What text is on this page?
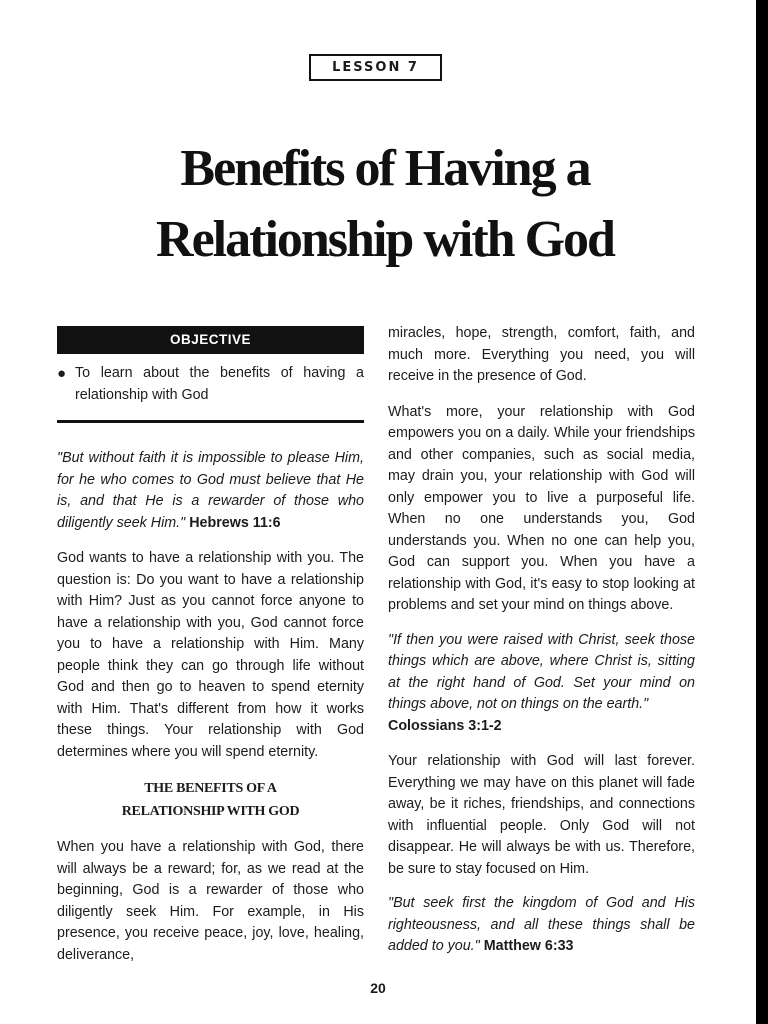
LESSON 7
Benefits of Having a
Relationship with God
OBJECTIVE
● To learn about the benefits of having a relationship with God

"But without faith it is impossible to please Him, for he who comes to God must believe that He is, and that He is a rewarder of those who diligently seek Him." Hebrews 11:6

God wants to have a relationship with you. The question is: Do you want to have a relationship with Him? Just as you cannot force anyone to have a relationship with you, God cannot force you to have a relationship with Him. Many people think they can go through life without God and then go to heaven to spend eternity with Him. That's different from how it works these things. Your relationship with God determines where you will spend eternity.

THE BENEFITS OF A
RELATIONSHIP WITH GOD

When you have a relationship with God, there will always be a reward; for, as we read at the beginning, God is a rewarder of those who diligently seek Him. For example, in His presence, you receive peace, joy, love, healing, deliverance,

miracles, hope, strength, comfort, faith, and much more. Everything you need, you will receive in the presence of God.

What's more, your relationship with God empowers you on a daily. While your friendships and other companies, such as social media, may drain you, your relationship with God will only empower you to live a purposeful life. When no one understands you, God understands you. When no one can help you, God can support you. When you have a relationship with God, it's easy to stop looking at problems and set your mind on things above.

"If then you were raised with Christ, seek those things which are above, where Christ is, sitting at the right hand of God. Set your mind on things above, not on things on the earth."
Colossians 3:1-2

Your relationship with God will last forever. Everything we may have on this planet will fade away, be it riches, friendships, and connections with influential people. Only God will not disappear. He will always be with us. Therefore, be sure to stay focused on Him.

"But seek first the kingdom of God and His righteousness, and all these things shall be added to you." Matthew 6:33

20
